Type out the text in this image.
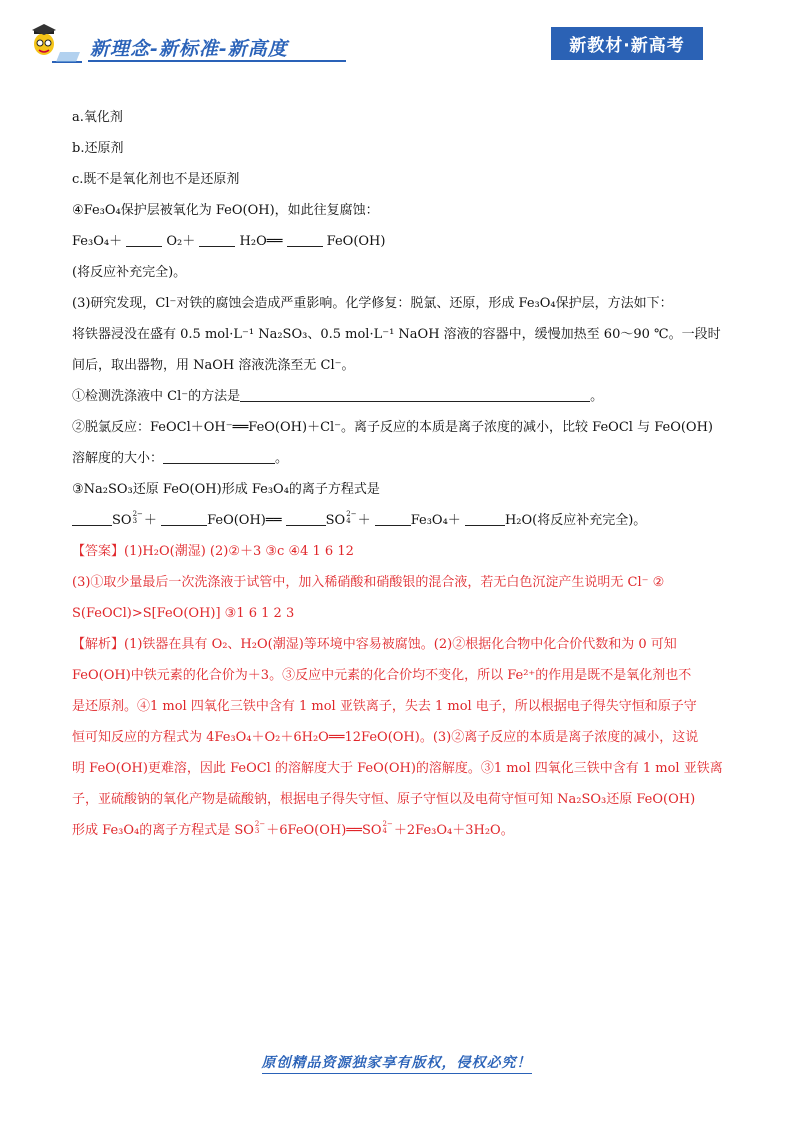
新理念-新标准-新高度	新教材·新高考
a.氧化剂
b.还原剂
c.既不是氧化剂也不是还原剂
④Fe₃O₄保护层被氧化为 FeO(OH)，如此往复腐蚀：
Fe₃O₄＋	O₂＋	H₂O══	FeO(OH)
(将反应补充完全)。
(3)研究发现，Cl⁻对铁的腐蚀会造成严重影响。化学修复：脱氯、还原，形成 Fe₃O₄保护层，方法如下：
将铁器浸没在盛有 0.5 mol·L⁻¹ Na₂SO₃、0.5 mol·L⁻¹ NaOH 溶液的容器中，缓慢加热至 60～90 ℃。一段时
间后，取出器物，用 NaOH 溶液洗涤至无 Cl⁻。
①检测洗涤液中 Cl⁻的方法是	。
②脱氯反应：FeOCl＋OH⁻══FeO(OH)＋Cl⁻。离子反应的本质是离子浓度的减小，比较 FeOCl 与 FeO(OH)
溶解度的大小：	。
③Na₂SO₃还原 FeO(OH)形成 Fe₃O₄的离子方程式是
SO2−
3 ＋	FeO(OH)══	SO2−
4 ＋	Fe₃O₄＋	H₂O(将反应补充完全)。
【答案】(1)H₂O(潮湿) (2)②＋3 ③c ④4 1 6 12
(3)①取少量最后一次洗涤液于试管中，加入稀硝酸和硝酸银的混合液，若无白色沉淀产生说明无 Cl⁻ ②
S(FeOCl)>S[FeO(OH)] ③1 6 1 2 3
【解析】(1)铁器在具有 O₂、H₂O(潮湿)等环境中容易被腐蚀。(2)②根据化合物中化合价代数和为 0 可知
FeO(OH)中铁元素的化合价为＋3。③反应中元素的化合价均不变化，所以 Fe²⁺的作用是既不是氧化剂也不
是还原剂。④1 mol 四氧化三铁中含有 1 mol 亚铁离子，失去 1 mol 电子，所以根据电子得失守恒和原子守
恒可知反应的方程式为 4Fe₃O₄＋O₂＋6H₂O══12FeO(OH)。(3)②离子反应的本质是离子浓度的减小，这说
明 FeO(OH)更难溶，因此 FeOCl 的溶解度大于 FeO(OH)的溶解度。③1 mol 四氧化三铁中含有 1 mol 亚铁离
子，亚硫酸钠的氧化产物是硫酸钠，根据电子得失守恒、原子守恒以及电荷守恒可知 Na₂SO₃还原 FeO(OH)
形成 Fe₃O₄的离子方程式是 SO2−
3 ＋6FeO(OH)══SO2−
4 ＋2Fe₃O₄＋3H₂O。
原创精品资源独家享有版权，侵权必究！
